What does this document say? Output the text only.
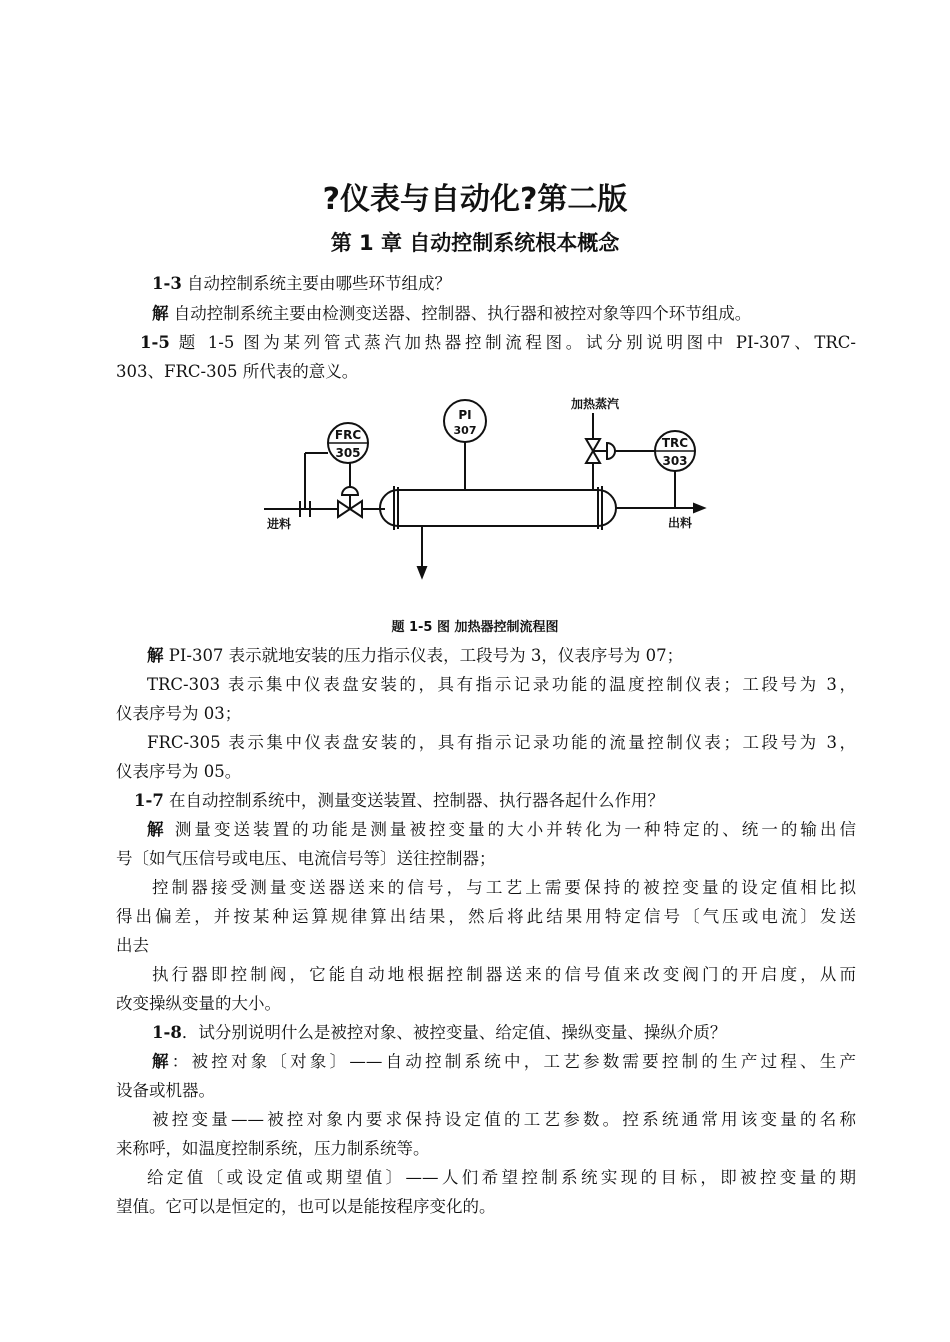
?仪表与自动化?第二版
第 1 章 自动控制系统根本概念

1-3 自动控制系统主要由哪些环节组成？

解 自动控制系统主要由检测变送器、控制器、执行器和被控对象等四个环节组成。

1-5 题 1-5 图为某列管式蒸汽加热器控制流程图。试分别说明图中 PI-307、TRC-

303、FRC-305 所代表的意义。

FRC
305
PI
307
TRC
303
加热蒸汽
进料	出料
题 1-5 图 加热器控制流程图

解 PI-307 表示就地安装的压力指示仪表，工段号为 3，仪表序号为 07；

TRC-303 表示集中仪表盘安装的，具有指示记录功能的温度控制仪表；工段号为 3，

仪表序号为 03；

FRC-305 表示集中仪表盘安装的，具有指示记录功能的流量控制仪表；工段号为 3，

仪表序号为 05。

1-7 在自动控制系统中，测量变送装置、控制器、执行器各起什么作用？

解 测量变送装置的功能是测量被控变量的大小并转化为一种特定的、统一的输出信

号〔如气压信号或电压、电流信号等〕送往控制器；

控制器接受测量变送器送来的信号，与工艺上需要保持的被控变量的设定值相比拟

得出偏差，并按某种运算规律算出结果，然后将此结果用特定信号〔气压或电流〕发送

出去

执行器即控制阀，它能自动地根据控制器送来的信号值来改变阀门的开启度，从而

改变操纵变量的大小。

1-8．试分别说明什么是被控对象、被控变量、给定值、操纵变量、操纵介质？

解：被控对象〔对象〕——自动控制系统中，工艺参数需要控制的生产过程、生产

设备或机器。

被控变量——被控对象内要求保持设定值的工艺参数。控系统通常用该变量的名称

来称呼，如温度控制系统，压力制系统等。

给定值〔或设定值或期望值〕——人们希望控制系统实现的目标，即被控变量的期

望值。它可以是恒定的，也可以是能按程序变化的。
